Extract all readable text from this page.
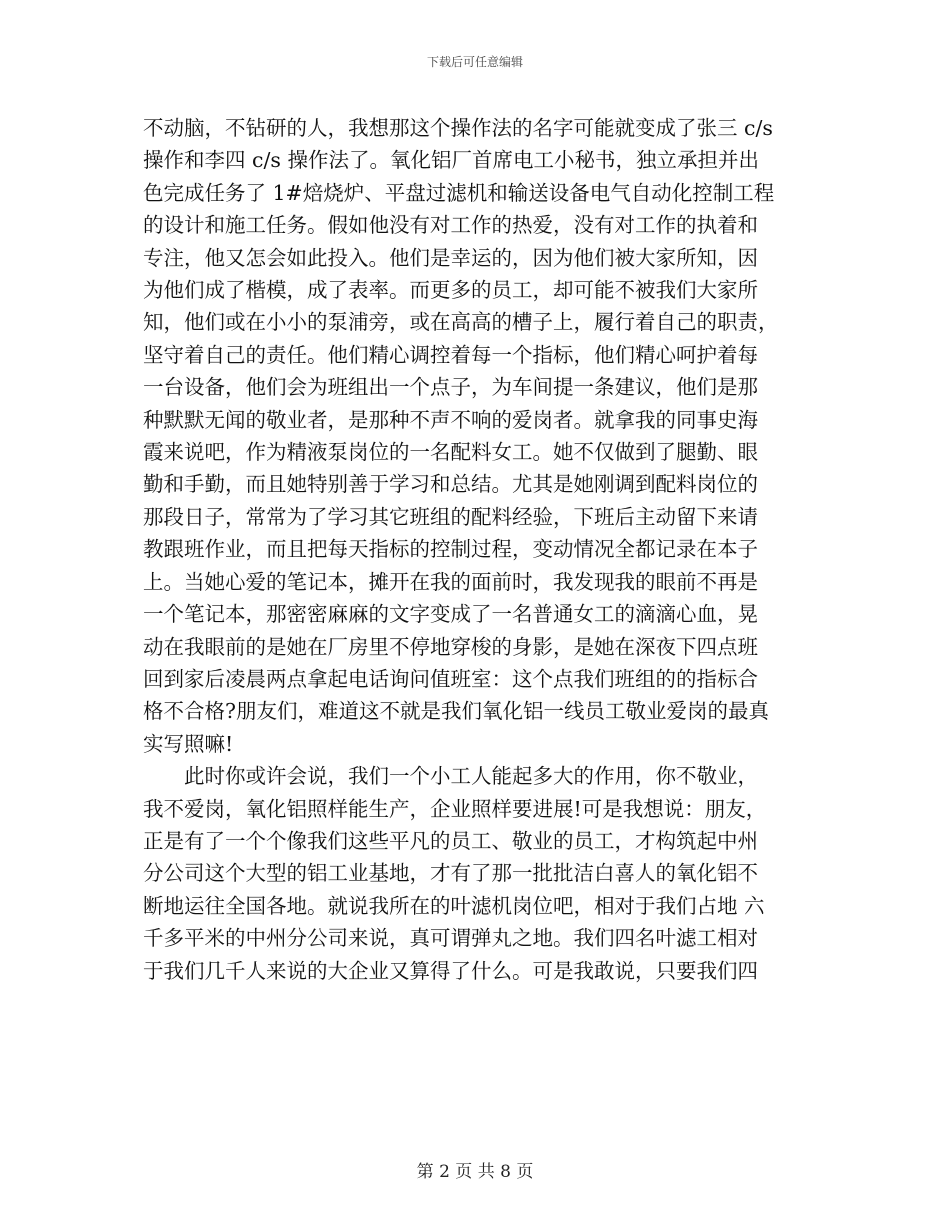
下载后可任意编辑
不动脑，不钻研的人，我想那这个操作法的名字可能就变成了张三 c/s
操作和李四 c/s 操作法了。氧化铝厂首席电工小秘书，独立承担并出
色完成任务了 1#焙烧炉、平盘过滤机和输送设备电气自动化控制工程
的设计和施工任务。假如他没有对工作的热爱，没有对工作的执着和
专注，他又怎会如此投入。他们是幸运的，因为他们被大家所知，因
为他们成了楷模，成了表率。而更多的员工，却可能不被我们大家所
知，他们或在小小的泵浦旁，或在高高的槽子上，履行着自己的职责，
坚守着自己的责任。他们精心调控着每一个指标，他们精心呵护着每
一台设备，他们会为班组出一个点子，为车间提一条建议，他们是那
种默默无闻的敬业者，是那种不声不响的爱岗者。就拿我的同事史海
霞来说吧，作为精液泵岗位的一名配料女工。她不仅做到了腿勤、眼
勤和手勤，而且她特别善于学习和总结。尤其是她刚调到配料岗位的
那段日子，常常为了学习其它班组的配料经验，下班后主动留下来请
教跟班作业，而且把每天指标的控制过程，变动情况全都记录在本子
上。当她心爱的笔记本，摊开在我的面前时，我发现我的眼前不再是
一个笔记本，那密密麻麻的文字变成了一名普通女工的滴滴心血，晃
动在我眼前的是她在厂房里不停地穿梭的身影，是她在深夜下四点班
回到家后凌晨两点拿起电话询问值班室：这个点我们班组的的指标合
格不合格?朋友们，难道这不就是我们氧化铝一线员工敬业爱岗的最真
实写照嘛!
　　此时你或许会说，我们一个小工人能起多大的作用，你不敬业，
我不爱岗，氧化铝照样能生产，企业照样要进展!可是我想说：朋友，
正是有了一个个像我们这些平凡的员工、敬业的员工，才构筑起中州
分公司这个大型的铝工业基地，才有了那一批批洁白喜人的氧化铝不
断地运往全国各地。就说我所在的叶滤机岗位吧，相对于我们占地 六
千多平米的中州分公司来说，真可谓弹丸之地。我们四名叶滤工相对
于我们几千人来说的大企业又算得了什么。可是我敢说，只要我们四
第 2 页 共 8 页
